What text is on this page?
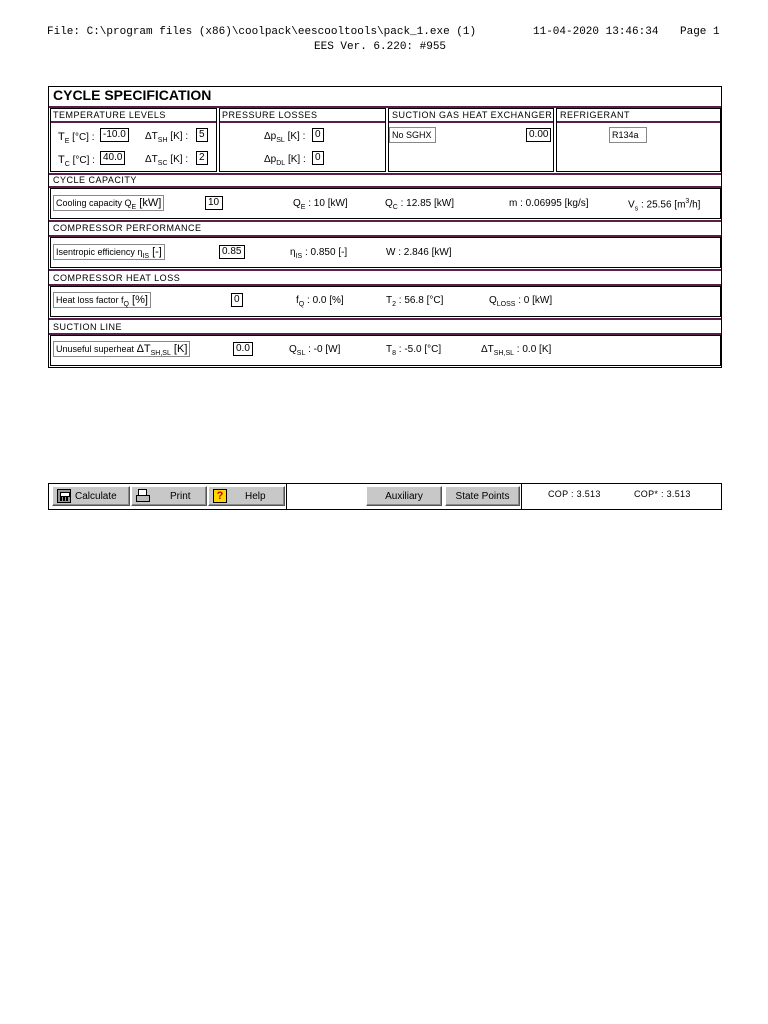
File: C:\program files (x86)\coolpack\eescooltools\pack_1.exe (1)	11-04-2020 13:46:34 Page 1
EES Ver. 6.220: #955
CYCLE SPECIFICATION
TEMPERATURE LEVELS	PRESSURE LOSSES	SUCTION GAS HEAT EXCHANGER REFRIGERANT
$T_E$ [°C] : -10.0	$\Delta T_{SH}$ [K] :	5
$T_C$ [°C] : 40.0	$\Delta T_{SC}$ [K] :	2
$\Delta p_{SL}$ [K] : 0
$\Delta p_{DL}$ [K] : 0
No SGHX	0.00	R134a
CYCLE CAPACITY
Cooling capacity $Q_E$ [kW]	10	$Q_E$ : 10 [kW]	$Q_C$ : 12.85 [kW]	m : 0.06995 [kg/s]	$V_s$ : 25.56 $[m^3/h]$
COMPRESSOR PERFORMANCE
Isentropic efficiency $\eta_{IS}$ [-]	0.85	$\eta_{IS}$ : 0.850 [-]	W : 2.846 [kW]
COMPRESSOR HEAT LOSS
Heat loss factor $f_Q$ [%]	0	$f_Q$ : 0.0 [%]	$T_2$ : 56.8 [°C]	$Q_{LOSS}$ : 0 [kW]
SUCTION LINE
Unuseful superheat $\Delta T_{SH,SL}$ [K]	0.0	$Q_{SL}$ : -0 [W]	$T_8$ : -5.0 [°C]	$\Delta T_{SH,SL}$ : 0.0 [K]
Calculate	Print	?	Help	Auxiliary	State Points	COP : 3.513	COP* : 3.513
